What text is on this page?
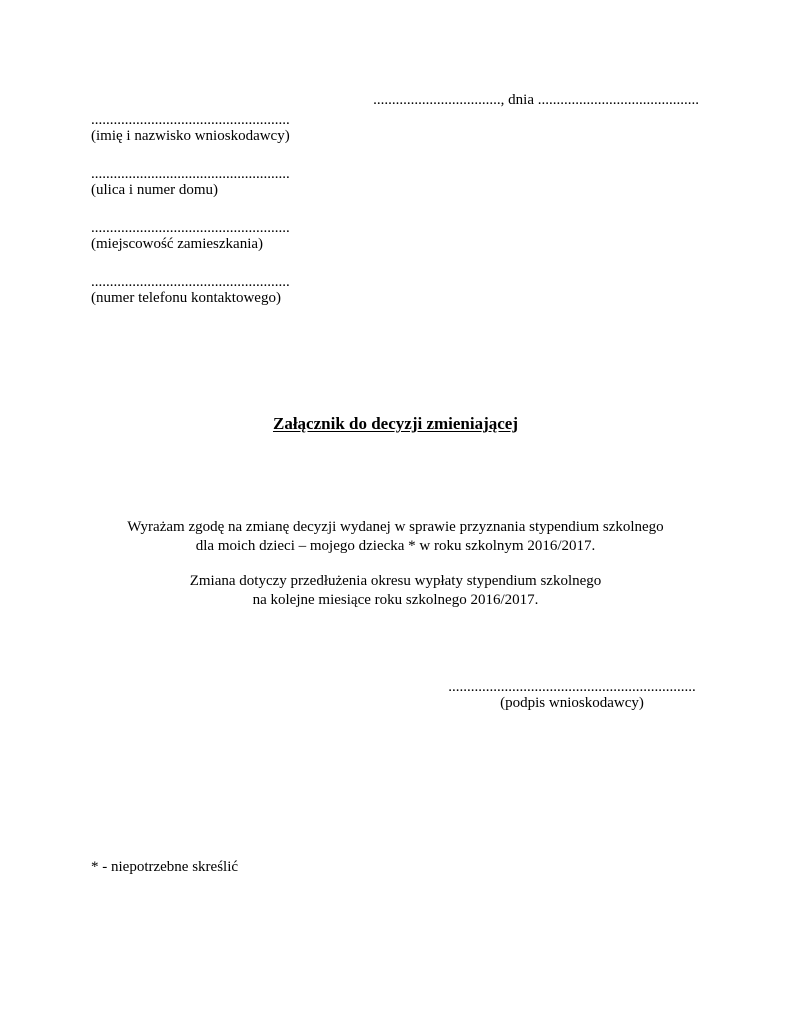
.................................., dnia ...........................................
.....................................................
(imię i nazwisko wnioskodawcy)
.....................................................
(ulica i numer domu)
.....................................................
(miejscowość zamieszkania)
.....................................................
(numer telefonu kontaktowego)
Załącznik do decyzji zmieniającej
Wyrażam zgodę na zmianę decyzji wydanej w sprawie przyznania stypendium szkolnego
dla moich dzieci – mojego dziecka * w roku szkolnym 2016/2017.
Zmiana dotyczy przedłużenia okresu wypłaty stypendium szkolnego
na kolejne miesiące roku szkolnego 2016/2017.
..................................................................
(podpis wnioskodawcy)
* - niepotrzebne skreślić
